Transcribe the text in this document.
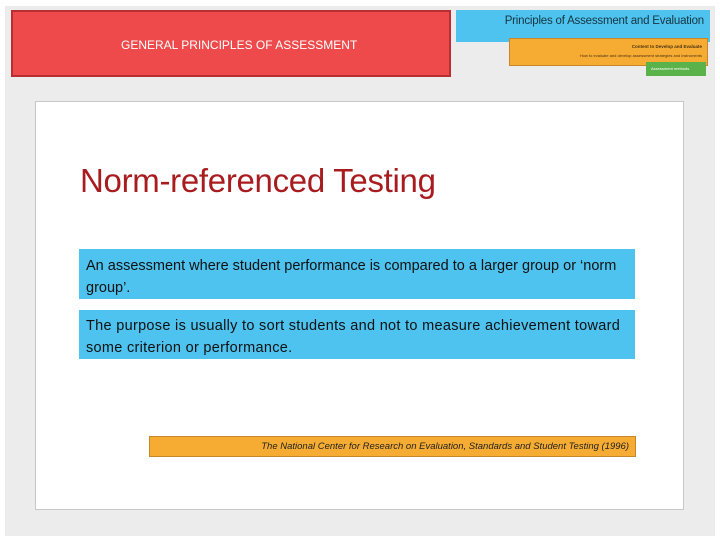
GENERAL PRINCIPLES OF ASSESSMENT
Principles of Assessment and Evaluation
Content to Develop and Evaluate
How to evaluate and develop assessment strategies and instruments
Assessment methods
Norm-referenced Testing
An assessment where student performance is compared to a larger group or ‘norm group’.
The purpose is usually to sort students and not to measure achievement toward some criterion or performance.
The National Center for Research on Evaluation, Standards and Student Testing (1996)
